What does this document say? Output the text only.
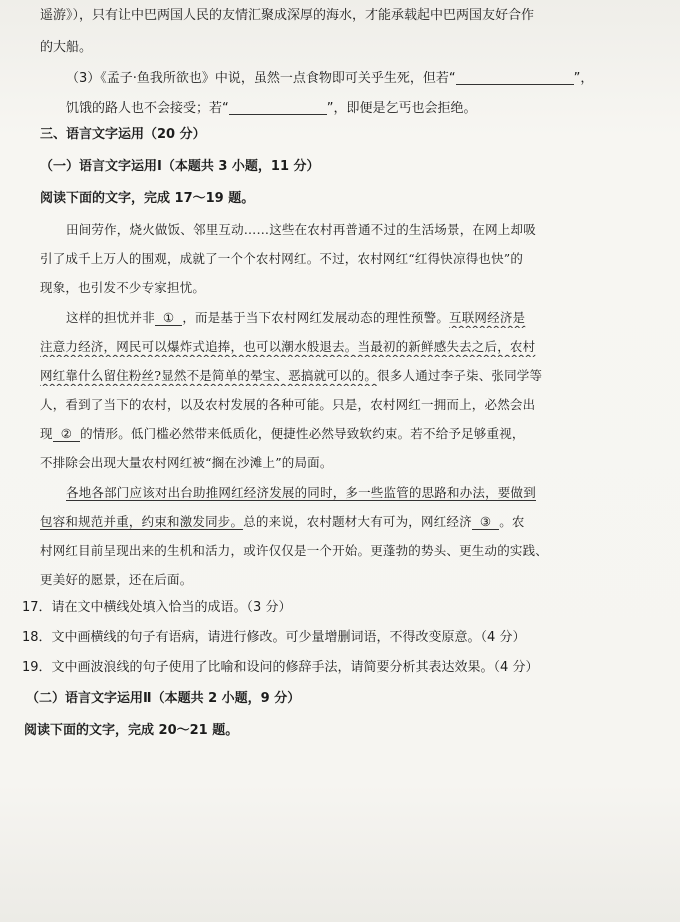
遥游》），只有让中巴两国人民的友情汇聚成深厚的海水，才能承载起中巴两国友好合作
的大船。
（3）《孟子·鱼我所欲也》中说，虽然一点食物即可关乎生死，但若“	”，
饥饿的路人也不会接受；若“	”，即便是乞丐也会拒绝。
三、语言文字运用（20 分）
（一）语言文字运用Ⅰ（本题共 3 小题，11 分）
阅读下面的文字，完成 17～19 题。
田间劳作，烧火做饭、邻里互动……这些在农村再普通不过的生活场景，在网上却吸
引了成千上万人的围观，成就了一个个农村网红。不过，农村网红“红得快凉得也快”的
现象，也引发不少专家担忧。
这样的担忧并非 ① ，而是基于当下农村网红发展动态的理性预警。互联网经济是
注意力经济，网民可以爆炸式追捧，也可以潮水般退去。当最初的新鲜感失去之后，农村
网红靠什么留住粉丝?显然不是简单的晕宝、恶搞就可以的。很多人通过李子柒、张同学等
人，看到了当下的农村，以及农村发展的各种可能。只是，农村网红一拥而上，必然会出
现 ② 的情形。低门槛必然带来低质化，便捷性必然导致软约束。若不给予足够重视，
不排除会出现大量农村网红被“搁在沙滩上”的局面。
各地各部门应该对出台助推网红经济发展的同时，多一些监管的思路和办法，要做到
包容和规范并重，约束和激发同步。总的来说，农村题材大有可为，网红经济 ③ 。农
村网红目前呈现出来的生机和活力，或许仅仅是一个开始。更蓬勃的势头、更生动的实践、
更美好的愿景，还在后面。
17．请在文中横线处填入恰当的成语。（3 分）
18．文中画横线的句子有语病，请进行修改。可少量增删词语，不得改变原意。（4 分）
19．文中画波浪线的句子使用了比喻和设问的修辞手法，请简要分析其表达效果。（4 分）
（二）语言文字运用Ⅱ（本题共 2 小题，9 分）
阅读下面的文字，完成 20～21 题。
